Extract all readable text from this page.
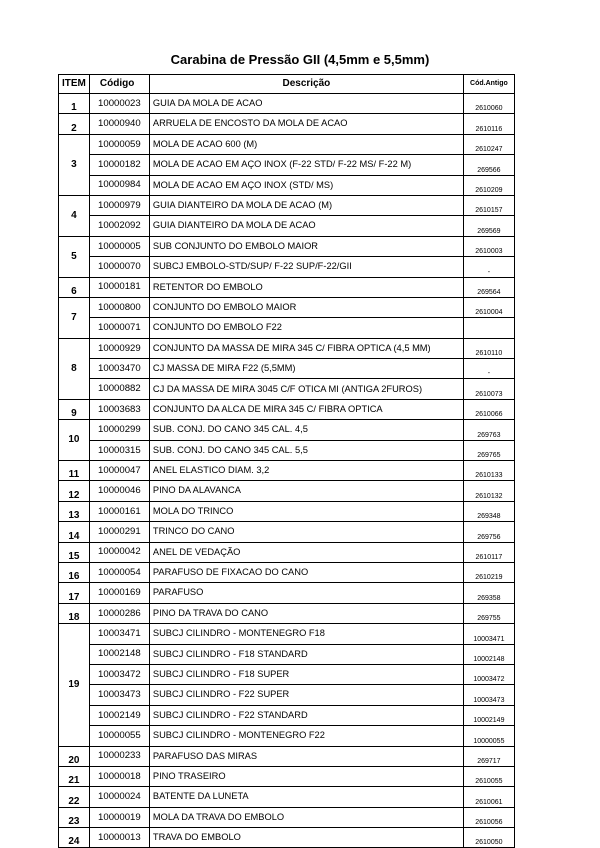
Carabina de Pressão GII (4,5mm e 5,5mm)
ITEM	Código	Descrição	Cód.Antigo
1	10000023	GUIA DA MOLA DE ACAO	2610060
2	10000940	ARRUELA DE ENCOSTO DA MOLA DE ACAO	2610116
3	10000059	MOLA DE ACAO 600 (M)	2610247
	10000182	MOLA DE ACAO EM AÇO INOX (F-22 STD/ F-22 MS/ F-22 M)	269566
	10000984	MOLA DE ACAO EM AÇO INOX (STD/ MS)	2610209
4	10000979	GUIA DIANTEIRO DA MOLA DE ACAO (M)	2610157
	10002092	GUIA DIANTEIRO DA MOLA DE ACAO	269569
5	10000005	SUB CONJUNTO DO EMBOLO MAIOR	2610003
	10000070	SUBCJ EMBOLO-STD/SUP/ F-22 SUP/F-22/GII	-
6	10000181	RETENTOR DO EMBOLO	269564
7	10000800	CONJUNTO DO EMBOLO MAIOR	2610004
	10000071	CONJUNTO DO EMBOLO F22	
8	10000929	CONJUNTO DA MASSA DE MIRA 345 C/ FIBRA OPTICA (4,5 MM)	2610110
	10003470	CJ MASSA DE MIRA F22 (5,5MM)	-
	10000882	CJ DA MASSA DE MIRA 3045 C/F OTICA MI (ANTIGA 2FUROS)	2610073
9	10003683	CONJUNTO DA ALCA DE MIRA 345 C/ FIBRA OPTICA	2610066
10	10000299	SUB. CONJ. DO CANO 345 CAL. 4,5	269763
	10000315	SUB. CONJ. DO CANO 345 CAL. 5,5	269765
11	10000047	ANEL ELASTICO DIAM. 3,2	2610133
12	10000046	PINO DA ALAVANCA	2610132
13	10000161	MOLA DO TRINCO	269348
14	10000291	TRINCO DO CANO	269756
15	10000042	ANEL DE VEDAÇÃO	2610117
16	10000054	PARAFUSO DE FIXACAO DO CANO	2610219
17	10000169	PARAFUSO	269358
18	10000286	PINO DA TRAVA DO CANO	269755
19	10003471	SUBCJ CILINDRO - MONTENEGRO F18	10003471
	10002148	SUBCJ CILINDRO - F18 STANDARD	10002148
	10003472	SUBCJ CILINDRO - F18 SUPER	10003472
	10003473	SUBCJ CILINDRO - F22 SUPER	10003473
	10002149	SUBCJ CILINDRO - F22 STANDARD	10002149
	10000055	SUBCJ CILINDRO - MONTENEGRO F22	10000055
20	10000233	PARAFUSO DAS MIRAS	269717
21	10000018	PINO TRASEIRO	2610055
22	10000024	BATENTE DA LUNETA	2610061
23	10000019	MOLA DA TRAVA DO EMBOLO	2610056
24	10000013	TRAVA DO EMBOLO	2610050
